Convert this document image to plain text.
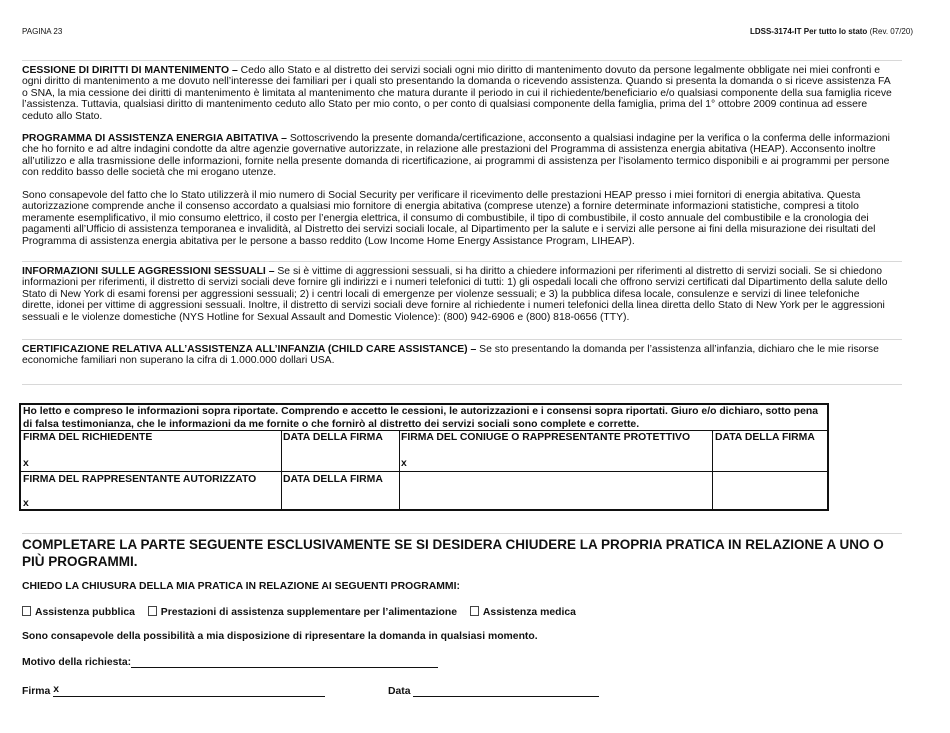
PAGINA 23	LDSS-3174-IT Per tutto lo stato (Rev. 07/20)

CESSIONE DI DIRITTI DI MANTENIMENTO – Cedo allo Stato e al distretto dei servizi sociali ogni mio diritto di mantenimento dovuto da persone legalmente obbligate nei miei confronti e ogni diritto di mantenimento a me dovuto nell’interesse dei familiari per i quali sto presentando la domanda o ricevendo assistenza. Quando si presenta la domanda o si riceve assistenza FA o SNA, la mia cessione dei diritti di mantenimento è limitata al mantenimento che matura durante il periodo in cui il richiedente/beneficiario e/o qualsiasi componente della sua famiglia riceve l’assistenza. Tuttavia, qualsiasi diritto di mantenimento ceduto allo Stato per mio conto, o per conto di qualsiasi componente della famiglia, prima del 1° ottobre 2009 continua ad essere ceduto allo Stato.

PROGRAMMA DI ASSISTENZA ENERGIA ABITATIVA – Sottoscrivendo la presente domanda/certificazione, acconsento a qualsiasi indagine per la verifica o la conferma delle informazioni che ho fornito e ad altre indagini condotte da altre agenzie governative autorizzate, in relazione alle prestazioni del Programma di assistenza energia abitativa (HEAP). Acconsento inoltre all’utilizzo e alla trasmissione delle informazioni, fornite nella presente domanda di ricertificazione, ai programmi di assistenza per l’isolamento termico disponibili e ai programmi per persone con reddito basso delle società che mi erogano utenze.

Sono consapevole del fatto che lo Stato utilizzerà il mio numero di Social Security per verificare il ricevimento delle prestazioni HEAP presso i miei fornitori di energia abitativa. Questa autorizzazione comprende anche il consenso accordato a qualsiasi mio fornitore di energia abitativa (comprese utenze) a fornire determinate informazioni statistiche, compresi a titolo meramente esemplificativo, il mio consumo elettrico, il costo per l’energia elettrica, il consumo di combustibile, il tipo di combustibile, il costo annuale del combustibile e la cronologia dei pagamenti all’Ufficio di assistenza temporanea e invalidità, al Distretto dei servizi sociali locale, al Dipartimento per la salute e i servizi alle persone ai fini della misurazione dei risultati del Programma di assistenza energia abitativa per le persone a basso reddito (Low Income Home Energy Assistance Program, LIHEAP).

INFORMAZIONI SULLE AGGRESSIONI SESSUALI – Se si è vittime di aggressioni sessuali, si ha diritto a chiedere informazioni per riferimenti al distretto di servizi sociali. Se si chiedono informazioni per riferimenti, il distretto di servizi sociali deve fornire gli indirizzi e i numeri telefonici di tutti: 1) gli ospedali locali che offrono servizi certificati dal Dipartimento della salute dello Stato di New York di esami forensi per aggressioni sessuali; 2) i centri locali di emergenze per violenze sessuali; e 3) la pubblica difesa locale, consulenze e servizi di linee telefoniche dirette, idonei per vittime di aggressioni sessuali. Inoltre, il distretto di servizi sociali deve fornire al richiedente i numeri telefonici della linea diretta dello Stato di New York per le aggressioni sessuali e le violenze domestiche (NYS Hotline for Sexual Assault and Domestic Violence): (800) 942-6906 e (800) 818-0656 (TTY).

CERTIFICAZIONE RELATIVA ALL’ASSISTENZA ALL’INFANZIA (CHILD CARE ASSISTANCE) – Se sto presentando la domanda per l’assistenza all’infanzia, dichiaro che le mie risorse economiche familiari non superano la cifra di 1.000.000 dollari USA.

Ho letto e compreso le informazioni sopra riportate. Comprendo e accetto le cessioni, le autorizzazioni e i consensi sopra riportati. Giuro e/o dichiaro, sotto pena di falsa testimonianza, che le informazioni da me fornite o che fornirò al distretto dei servizi sociali sono complete e corrette.
FIRMA DEL RICHIEDENTE
x
DATA DELLA FIRMA FIRMA DEL CONIUGE O RAPPRESENTANTE PROTETTIVO
x
DATA DELLA FIRMA
FIRMA DEL RAPPRESENTANTE AUTORIZZATO
x
DATA DELLA FIRMA
COMPLETARE LA PARTE SEGUENTE ESCLUSIVAMENTE SE SI DESIDERA CHIUDERE LA PROPRIA PRATICA IN RELAZIONE A UNO O PIÙ PROGRAMMI.
CHIEDO LA CHIUSURA DELLA MIA PRATICA IN RELAZIONE AI SEGUENTI PROGRAMMI:
Assistenza pubblica Prestazioni di assistenza supplementare per l’alimentazione Assistenza medica
Sono consapevole della possibilità a mia disposizione di ripresentare la domanda in qualsiasi momento.
Motivo della richiesta:
Firma x	Data
